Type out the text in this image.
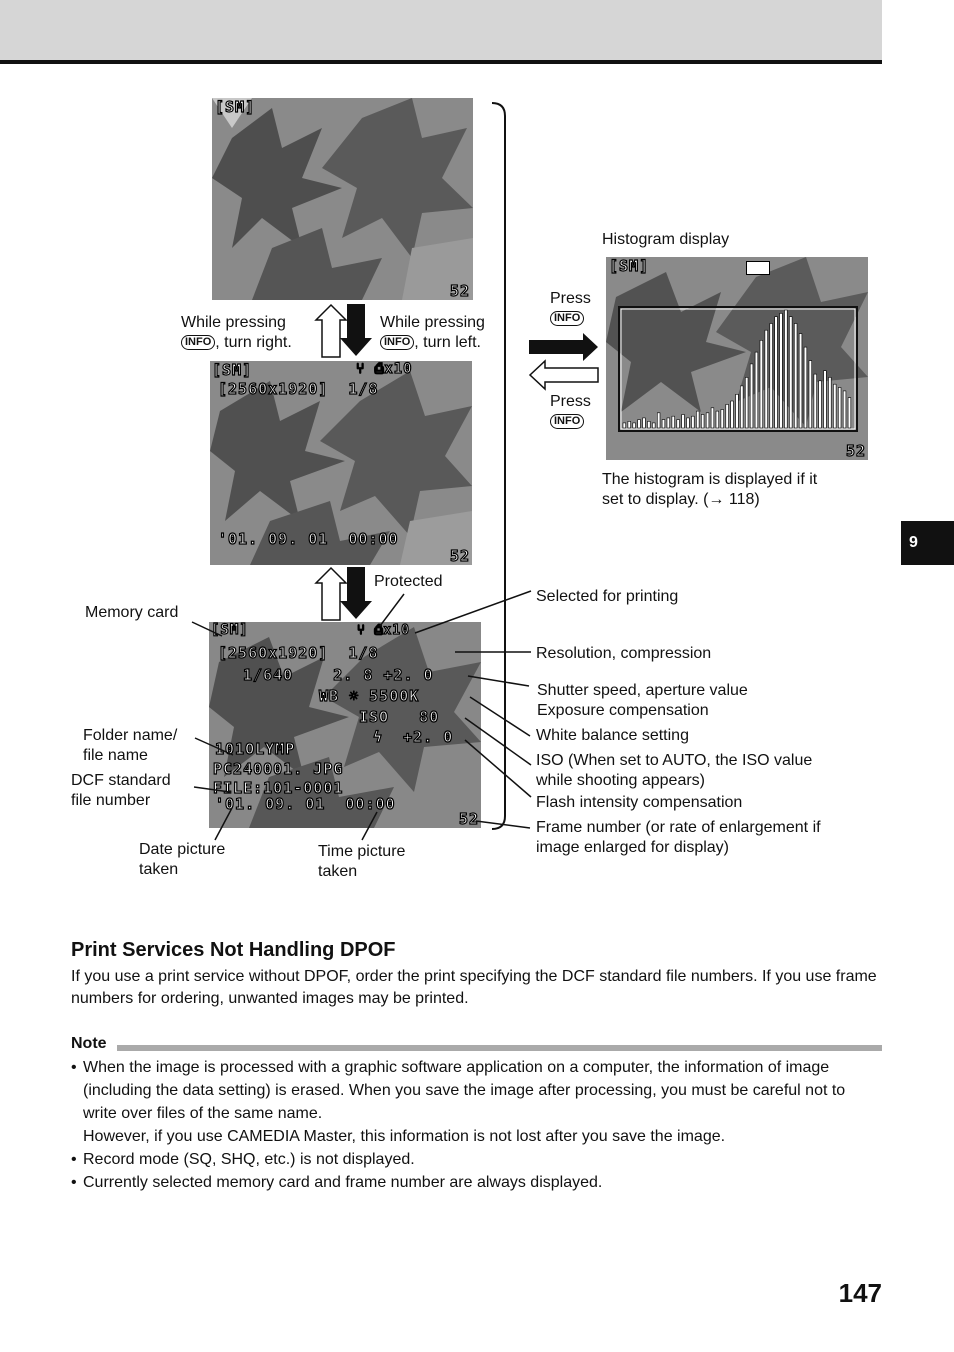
[SM]
52
[SM]	⑂ ⎙x10
[2560x1920]  1/8
'01. 09. 01  00:00
52
[SM]	⑂ ⎙x10
[2560x1920]  1/8
1/640    2. 8 +2. 0
WB ☼ 5500K
ISO   80
ϟ  +2. 0
101OLYMP
PC240001. JPG
FILE:101-0001
'01. 09. 01  00:00
52
[SM]
52
While pressing
INFO , turn right.
While pressing
INFO , turn left.
Histogram display
Press
INFO
Press
INFO
The histogram is displayed if it
set to display. (→ 118)
Protected
Memory card
Folder name/
file name
DCF standard
file number
Date picture
taken
Time picture
taken
Selected for printing
Resolution, compression
Shutter speed, aperture value
Exposure compensation
White balance setting
ISO (When set to AUTO, the ISO value
while shooting appears)
Flash intensity compensation
Frame number (or rate of enlargement if
image enlarged for display)
Print Services Not Handling DPOF
If you use a print service without DPOF, order the print specifying the DCF standard file numbers. If you use frame numbers for ordering, unwanted images may be printed.
Note
• When the image is processed with a graphic software application on a computer, the information of image (including the data setting) is erased. When you save the image after processing, you must be careful not to write over files of the same name.
However, if you use CAMEDIA Master, this information is not lost after you save the image.
• Record mode (SQ, SHQ, etc.) is not displayed.
• Currently selected memory card and frame number are always displayed.
9
147
